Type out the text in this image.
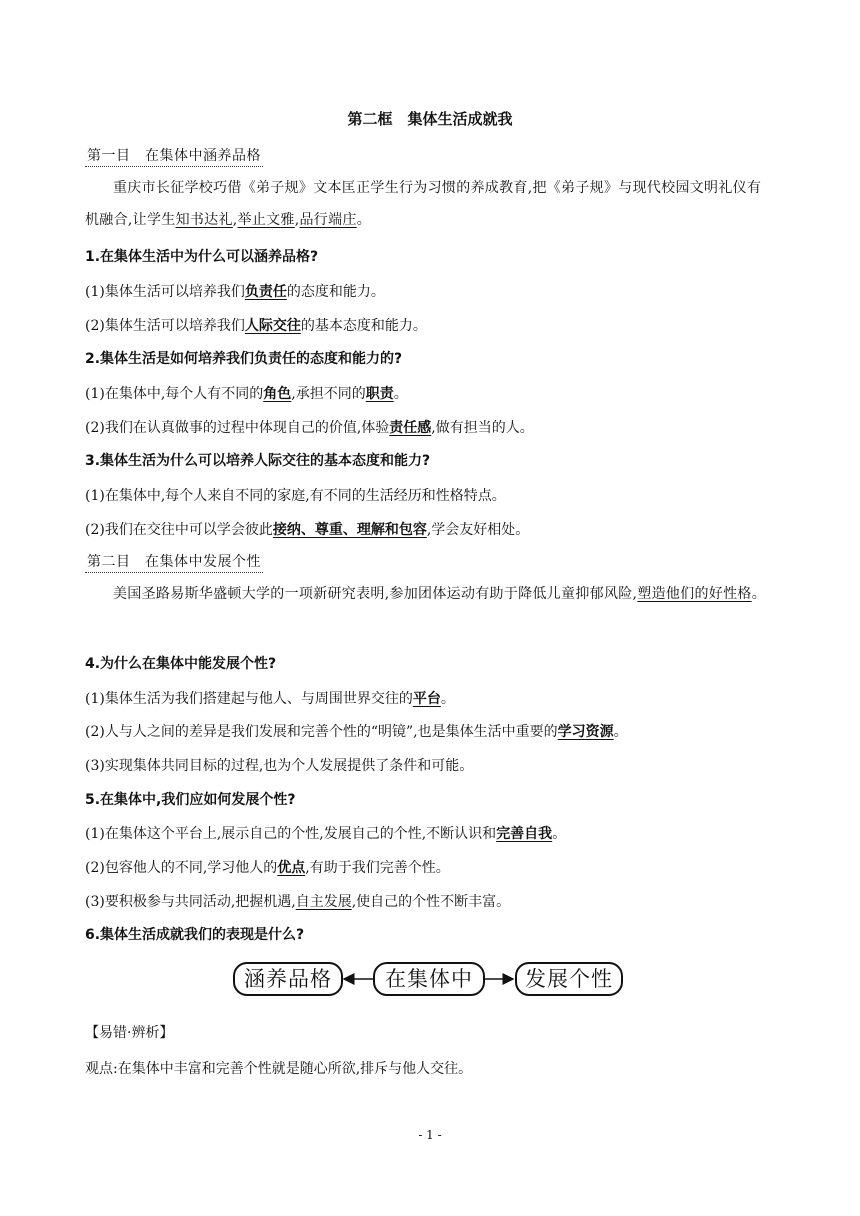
第二框　集体生活成就我
第一目　在集体中涵养品格
重庆市长征学校巧借《弟子规》文本匡正学生行为习惯的养成教育,把《弟子规》与现代校园文明礼仪有机融合,让学生知书达礼,举止文雅,品行端庄。
1.在集体生活中为什么可以涵养品格?
(1)集体生活可以培养我们负责任的态度和能力。
(2)集体生活可以培养我们人际交往的基本态度和能力。
2.集体生活是如何培养我们负责任的态度和能力的?
(1)在集体中,每个人有不同的角色,承担不同的职责。
(2)我们在认真做事的过程中体现自己的价值,体验责任感,做有担当的人。
3.集体生活为什么可以培养人际交往的基本态度和能力?
(1)在集体中,每个人来自不同的家庭,有不同的生活经历和性格特点。
(2)我们在交往中可以学会彼此接纳、尊重、理解和包容,学会友好相处。
第二目　在集体中发展个性
美国圣路易斯华盛顿大学的一项新研究表明,参加团体运动有助于降低儿童抑郁风险,塑造他们的好性格。
4.为什么在集体中能发展个性?
(1)集体生活为我们搭建起与他人、与周围世界交往的平台。
(2)人与人之间的差异是我们发展和完善个性的“明镜”,也是集体生活中重要的学习资源。
(3)实现集体共同目标的过程,也为个人发展提供了条件和可能。
5.在集体中,我们应如何发展个性?
(1)在集体这个平台上,展示自己的个性,发展自己的个性,不断认识和完善自我。
(2)包容他人的不同,学习他人的优点,有助于我们完善个性。
(3)要积极参与共同活动,把握机遇,自主发展,使自己的个性不断丰富。
6.集体生活成就我们的表现是什么?
涵养品格	在集体中	发展个性
【易错·辨析】
观点:在集体中丰富和完善个性就是随心所欲,排斥与他人交往。
- 1 -
